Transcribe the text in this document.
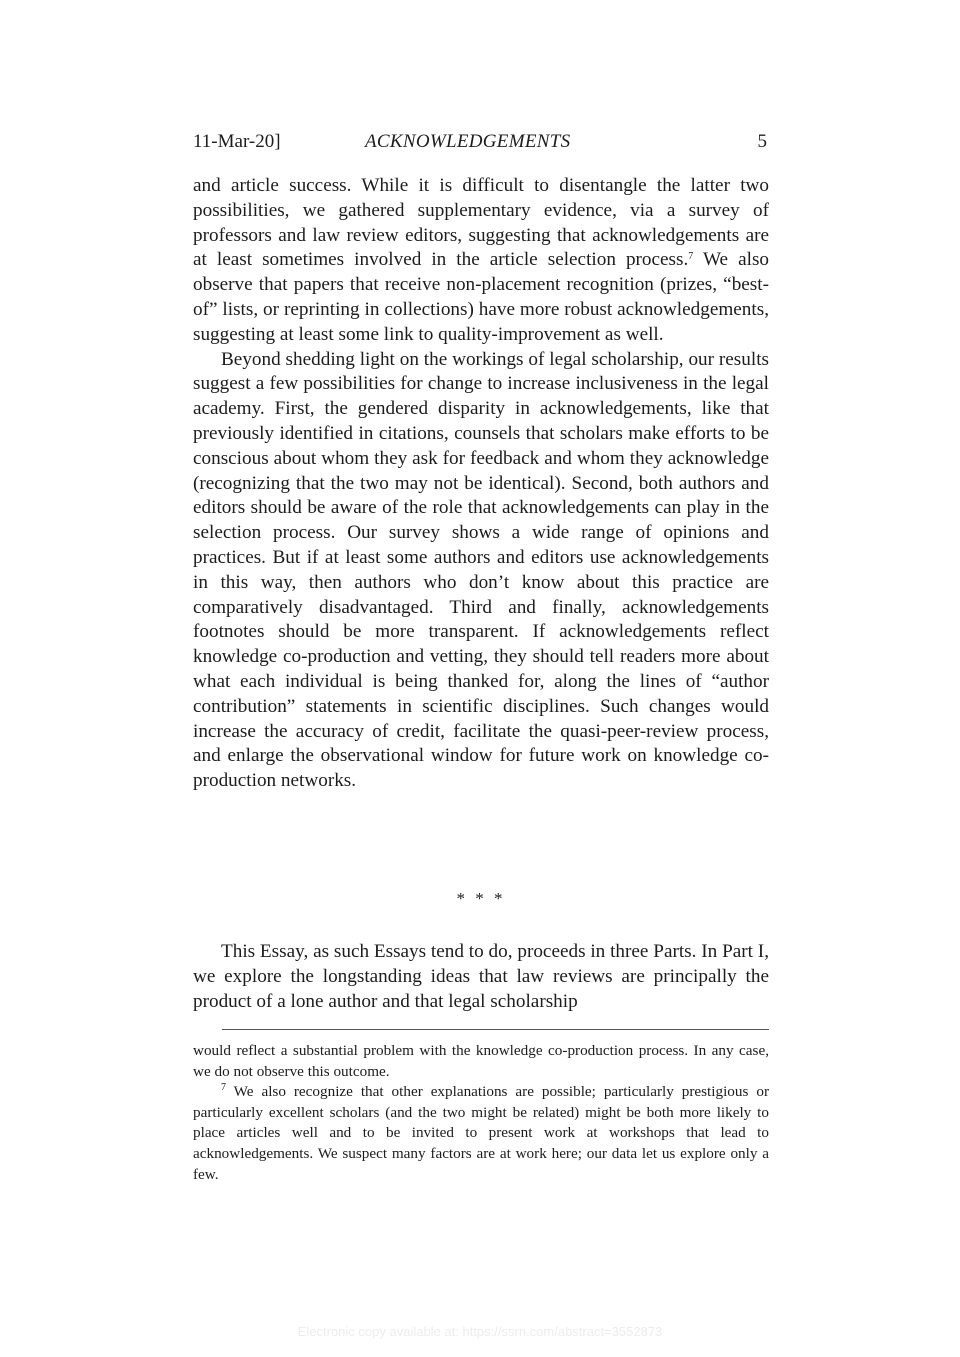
11-Mar-20]	ACKNOWLEDGEMENTS	5

and article success. While it is difficult to disentangle the latter two possibilities, we gathered supplementary evidence, via a survey of professors and law review editors, suggesting that acknowledgements are at least sometimes involved in the article selection process.$^7$ We also observe that papers that receive non-placement recognition (prizes, “best-of” lists, or reprinting in collections) have more robust acknowledgements, suggesting at least some link to quality-improvement as well.

Beyond shedding light on the workings of legal scholarship, our results suggest a few possibilities for change to increase inclusiveness in the legal academy. First, the gendered disparity in acknowledgements, like that previously identified in citations, counsels that scholars make efforts to be conscious about whom they ask for feedback and whom they acknowledge (recognizing that the two may not be identical). Second, both authors and editors should be aware of the role that acknowledgements can play in the selection process. Our survey shows a wide range of opinions and practices. But if at least some authors and editors use acknowledgements in this way, then authors who don’t know about this practice are comparatively disadvantaged. Third and finally, acknowledgements footnotes should be more transparent. If acknowledgements reflect knowledge co-production and vetting, they should tell readers more about what each individual is being thanked for, along the lines of “author contribution” statements in scientific disciplines. Such changes would increase the accuracy of credit, facilitate the quasi-peer-review process, and enlarge the observational window for future work on knowledge co-production networks.

* * *

This Essay, as such Essays tend to do, proceeds in three Parts. In Part I, we explore the longstanding ideas that law reviews are principally the product of a lone author and that legal scholarship

would reflect a substantial problem with the knowledge co-production process. In any case, we do not observe this outcome.

$^7$ We also recognize that other explanations are possible; particularly prestigious or particularly excellent scholars (and the two might be related) might be both more likely to place articles well and to be invited to present work at workshops that lead to acknowledgements. We suspect many factors are at work here; our data let us explore only a few.

Electronic copy available at: https://ssrn.com/abstract=3552873
